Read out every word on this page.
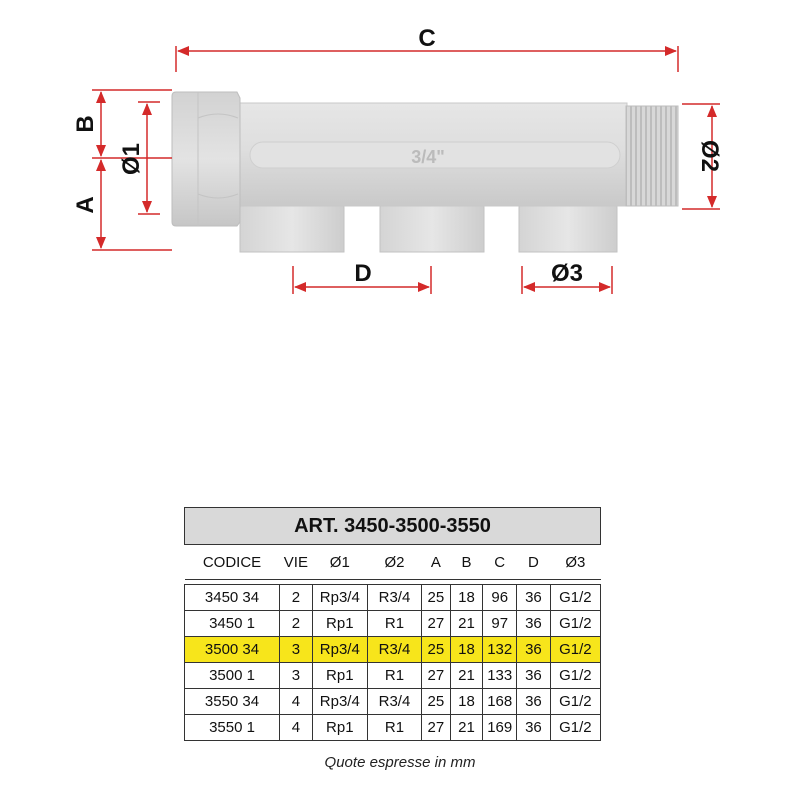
3/4"
C
D	Ø3
B
A
Ø1	Ø2
ART. 3450-3500-3550								
CODICE	VIE	Ø1	Ø2	A	B	C	D	Ø3

3450 34	2	Rp3/4	R3/4	25	18	96	36	G1/2
3450 1	2	Rp1	R1	27	21	97	36	G1/2
3500 34	3	Rp3/4	R3/4	25	18	132	36	G1/2
3500 1	3	Rp1	R1	27	21	133	36	G1/2
3550 34	4	Rp3/4	R3/4	25	18	168	36	G1/2
3550 1	4	Rp1	R1	27	21	169	36	G1/2
Quote espresse in mm
